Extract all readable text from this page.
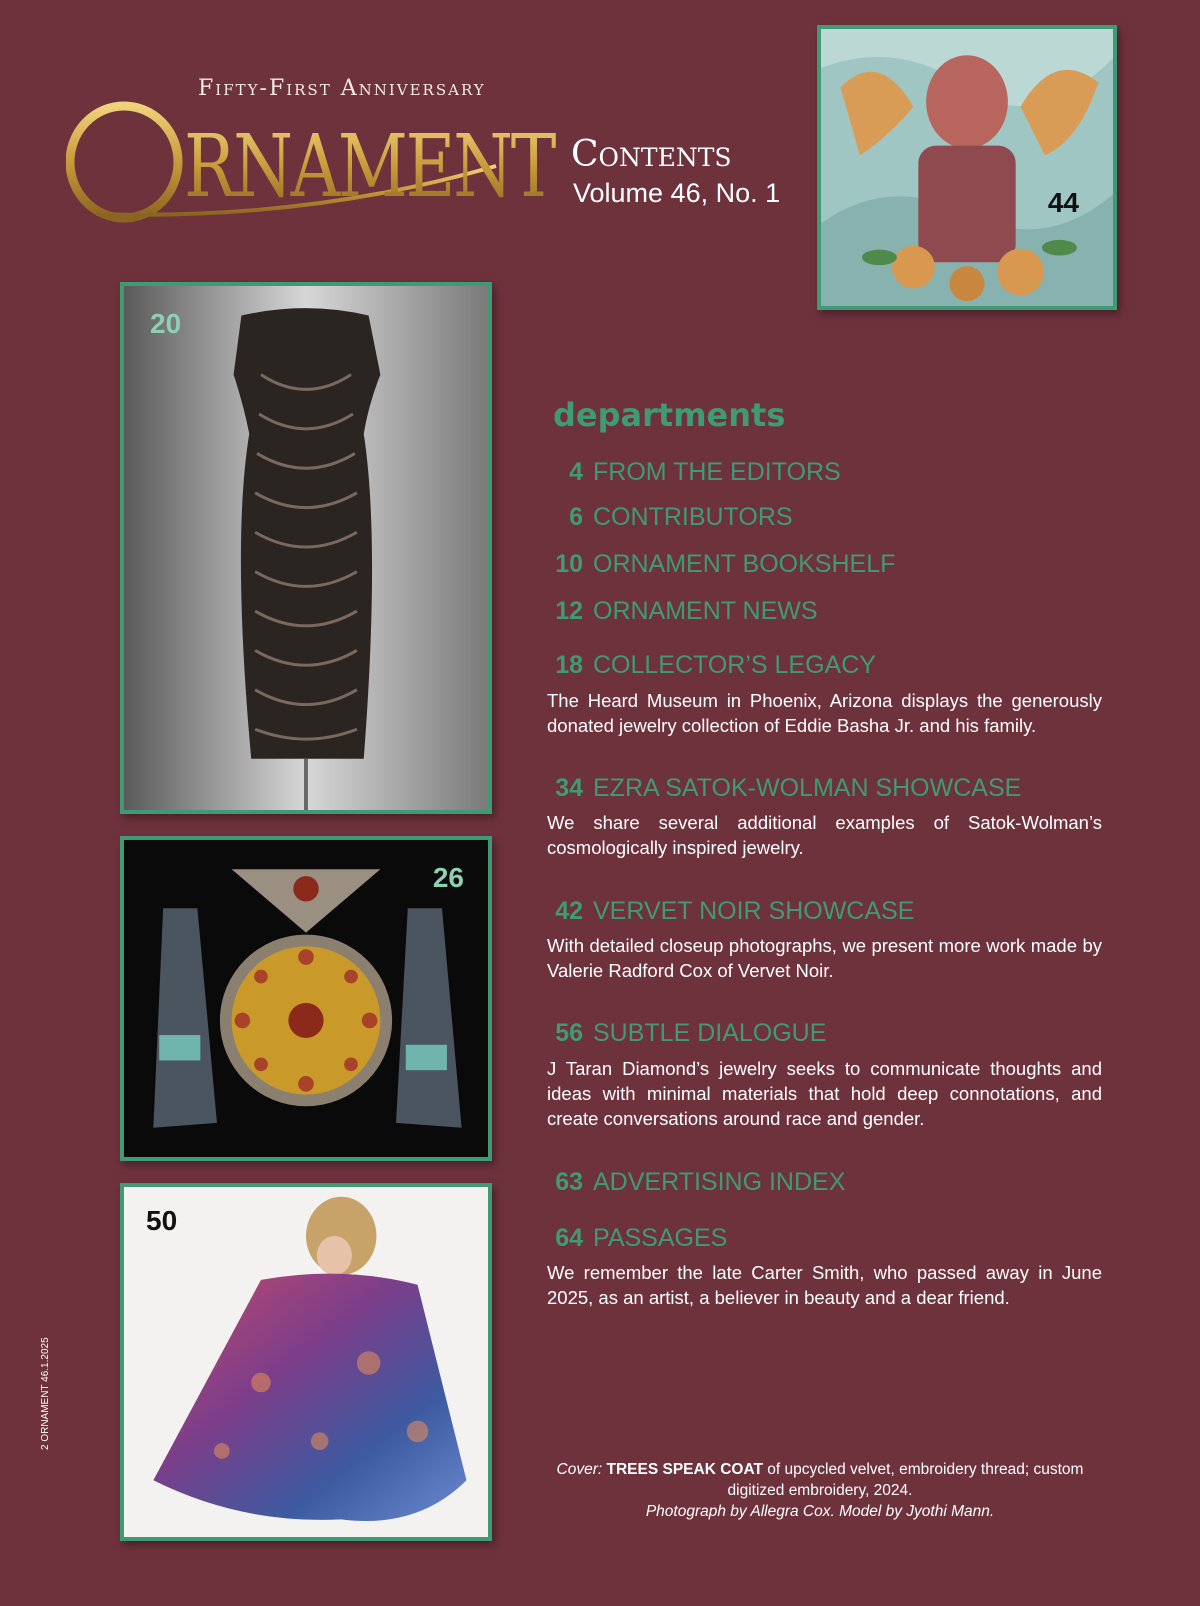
Fifty-First Anniversary
RNAMENT Contents
Volume 46, No. 1	44
20
26
50
departments
4 FROM THE EDITORS
6 CONTRIBUTORS
10 ORNAMENT BOOKSHELF
12 ORNAMENT NEWS
18 COLLECTOR’S LEGACY
The Heard Museum in Phoenix, Arizona displays the generously donated jewelry collection of Eddie Basha Jr. and his family.
34 EZRA SATOK-WOLMAN SHOWCASE
We share several additional examples of Satok-Wolman’s cosmologically inspired jewelry.
42 VERVET NOIR SHOWCASE
With detailed closeup photographs, we present more work made by Valerie Radford Cox of Vervet Noir.
56 SUBTLE DIALOGUE
J Taran Diamond’s jewelry seeks to communicate thoughts and ideas with minimal materials that hold deep connotations, and create conversations around race and gender.
63 ADVERTISING INDEX
64 PASSAGES
We remember the late Carter Smith, who passed away in June 2025, as an artist, a believer in beauty and a dear friend.
Cover: TREES SPEAK COAT of upcycled velvet, embroidery thread; custom digitized embroidery, 2024.
Photograph by Allegra Cox. Model by Jyothi Mann.
2 ORNAMENT 46.1.2025
